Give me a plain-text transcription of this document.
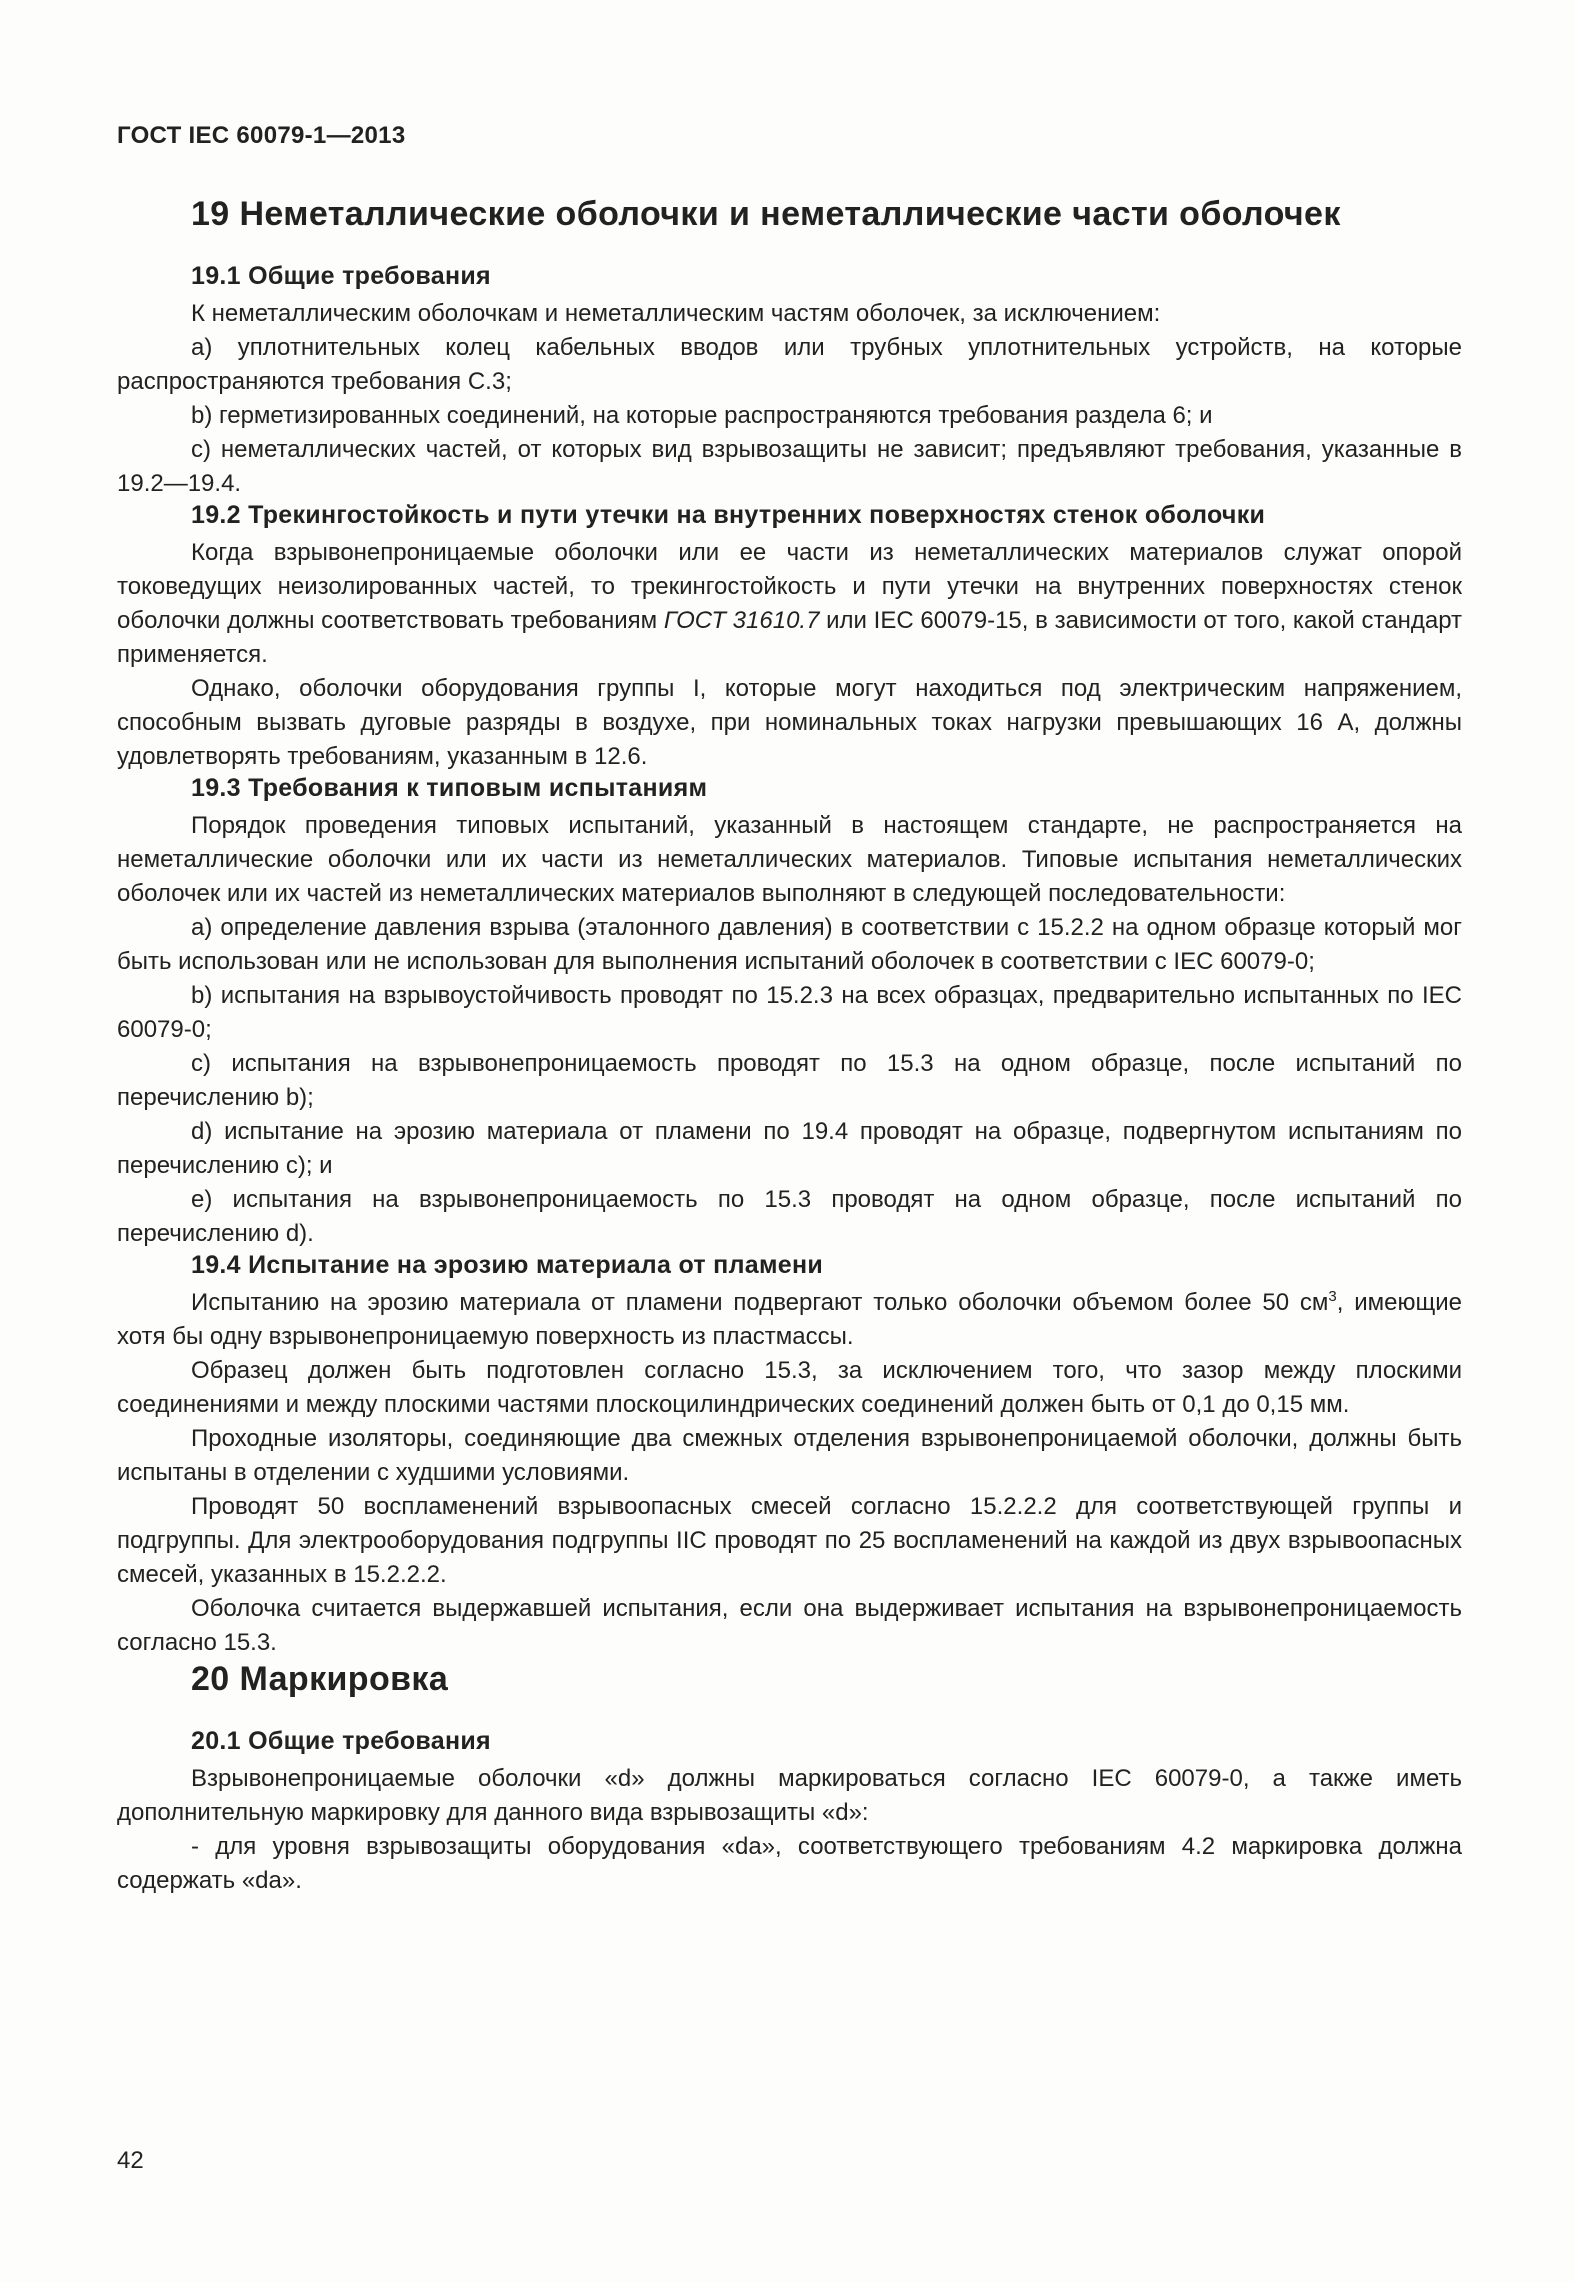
ГОСТ IEC 60079-1—2013
19 Неметаллические оболочки и неметаллические части оболочек
19.1 Общие требования

К неметаллическим оболочкам и неметаллическим частям оболочек, за исключением:

a) уплотнительных колец кабельных вводов или трубных уплотнительных устройств, на которые распространяются требования С.3;

b) герметизированных соединений, на которые распространяются требования раздела 6; и

c) неметаллических частей, от которых вид взрывозащиты не зависит; предъявляют требования, указанные в 19.2—19.4.

19.2 Трекингостойкость и пути утечки на внутренних поверхностях стенок оболочки

Когда взрывонепроницаемые оболочки или ее части из неметаллических материалов служат опорой токоведущих неизолированных частей, то трекингостойкость и пути утечки на внутренних поверхностях стенок оболочки должны соответствовать требованиям ГОСТ 31610.7 или IEC 60079-15, в зависимости от того, какой стандарт применяется.

Однако, оболочки оборудования группы I, которые могут находиться под электрическим напряжением, способным вызвать дуговые разряды в воздухе, при номинальных токах нагрузки превышающих 16 А, должны удовлетворять требованиям, указанным в 12.6.

19.3 Требования к типовым испытаниям

Порядок проведения типовых испытаний, указанный в настоящем стандарте, не распространяется на неметаллические оболочки или их части из неметаллических материалов. Типовые испытания неметаллических оболочек или их частей из неметаллических материалов выполняют в следующей последовательности:

a) определение давления взрыва (эталонного давления) в соответствии с 15.2.2 на одном образце который мог быть использован или не использован для выполнения испытаний оболочек в соответствии с IEC 60079-0;

b) испытания на взрывоустойчивость проводят по 15.2.3 на всех образцах, предварительно испытанных по IEC 60079-0;

c) испытания на взрывонепроницаемость проводят по 15.3 на одном образце, после испытаний по перечислению b);

d) испытание на эрозию материала от пламени по 19.4 проводят на образце, подвергнутом испытаниям по перечислению c); и

e) испытания на взрывонепроницаемость по 15.3 проводят на одном образце, после испытаний по перечислению d).

19.4 Испытание на эрозию материала от пламени

Испытанию на эрозию материала от пламени подвергают только оболочки объемом более 50 $см^3$, имеющие хотя бы одну взрывонепроницаемую поверхность из пластмассы.

Образец должен быть подготовлен согласно 15.3, за исключением того, что зазор между плоскими соединениями и между плоскими частями плоскоцилиндрических соединений должен быть от 0,1 до 0,15 мм.

Проходные изоляторы, соединяющие два смежных отделения взрывонепроницаемой оболочки, должны быть испытаны в отделении с худшими условиями.

Проводят 50 воспламенений взрывоопасных смесей согласно 15.2.2.2 для соответствующей группы и подгруппы. Для электрооборудования подгруппы IIC проводят по 25 воспламенений на каждой из двух взрывоопасных смесей, указанных в 15.2.2.2.

Оболочка считается выдержавшей испытания, если она выдерживает испытания на взрывонепроницаемость согласно 15.3.

20 Маркировка
20.1 Общие требования

Взрывонепроницаемые оболочки «d» должны маркироваться согласно IEC 60079-0, а также иметь дополнительную маркировку для данного вида взрывозащиты «d»:

- для уровня взрывозащиты оборудования «da», соответствующего требованиям 4.2 маркировка должна содержать «da».

42
